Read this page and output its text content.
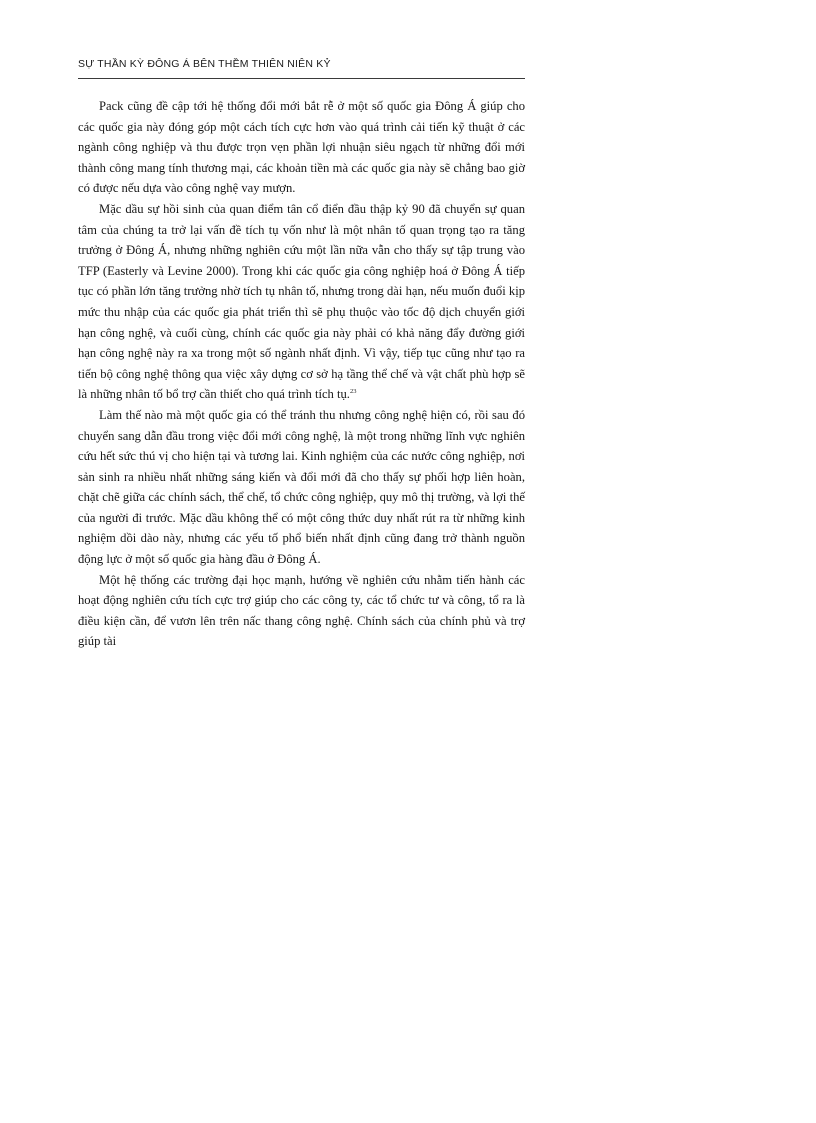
SỰ THẦN KỲ ĐÔNG Á BÊN THỀM THIÊN NIÊN KỶ

Pack cũng đề cập tới hệ thống đổi mới bắt rễ ở một số quốc gia Đông Á giúp cho các quốc gia này đóng góp một cách tích cực hơn vào quá trình cải tiến kỹ thuật ở các ngành công nghiệp và thu được trọn vẹn phần lợi nhuận siêu ngạch từ những đổi mới thành công mang tính thương mại, các khoản tiền mà các quốc gia này sẽ chẳng bao giờ có được nếu dựa vào công nghệ vay mượn.

Mặc dầu sự hồi sinh của quan điểm tân cổ điển đầu thập kỷ 90 đã chuyển sự quan tâm của chúng ta trở lại vấn đề tích tụ vốn như là một nhân tố quan trọng tạo ra tăng trưởng ở Đông Á, nhưng những nghiên cứu một lần nữa vẫn cho thấy sự tập trung vào TFP (Easterly và Levine 2000). Trong khi các quốc gia công nghiệp hoá ở Đông Á tiếp tục có phần lớn tăng trưởng nhờ tích tụ nhân tố, nhưng trong dài hạn, nếu muốn đuổi kịp mức thu nhập của các quốc gia phát triển thì sẽ phụ thuộc vào tốc độ dịch chuyển giới hạn công nghệ, và cuối cùng, chính các quốc gia này phải có khả năng đẩy đường giới hạn công nghệ này ra xa trong một số ngành nhất định. Vì vậy, tiếp tục cũng như tạo ra tiến bộ công nghệ thông qua việc xây dựng cơ sở hạ tầng thể chế và vật chất phù hợp sẽ là những nhân tố bổ trợ cần thiết cho quá trình tích tụ.$^{23}$

Làm thế nào mà một quốc gia có thể tránh thu nhưng công nghệ hiện có, rồi sau đó chuyển sang dẫn đầu trong việc đổi mới công nghệ, là một trong những lĩnh vực nghiên cứu hết sức thú vị cho hiện tại và tương lai. Kinh nghiệm của các nước công nghiệp, nơi sản sinh ra nhiều nhất những sáng kiến và đổi mới đã cho thấy sự phối hợp liên hoàn, chặt chẽ giữa các chính sách, thể chế, tổ chức công nghiệp, quy mô thị trường, và lợi thế của người đi trước. Mặc dầu không thể có một công thức duy nhất rút ra từ những kinh nghiệm dồi dào này, nhưng các yếu tố phổ biến nhất định cũng đang trở thành nguồn động lực ở một số quốc gia hàng đầu ở Đông Á.

Một hệ thống các trường đại học mạnh, hướng về nghiên cứu nhằm tiến hành các hoạt động nghiên cứu tích cực trợ giúp cho các công ty, các tổ chức tư và công, tổ ra là điều kiện cần, để vươn lên trên nấc thang công nghệ. Chính sách của chính phủ và trợ giúp tài
